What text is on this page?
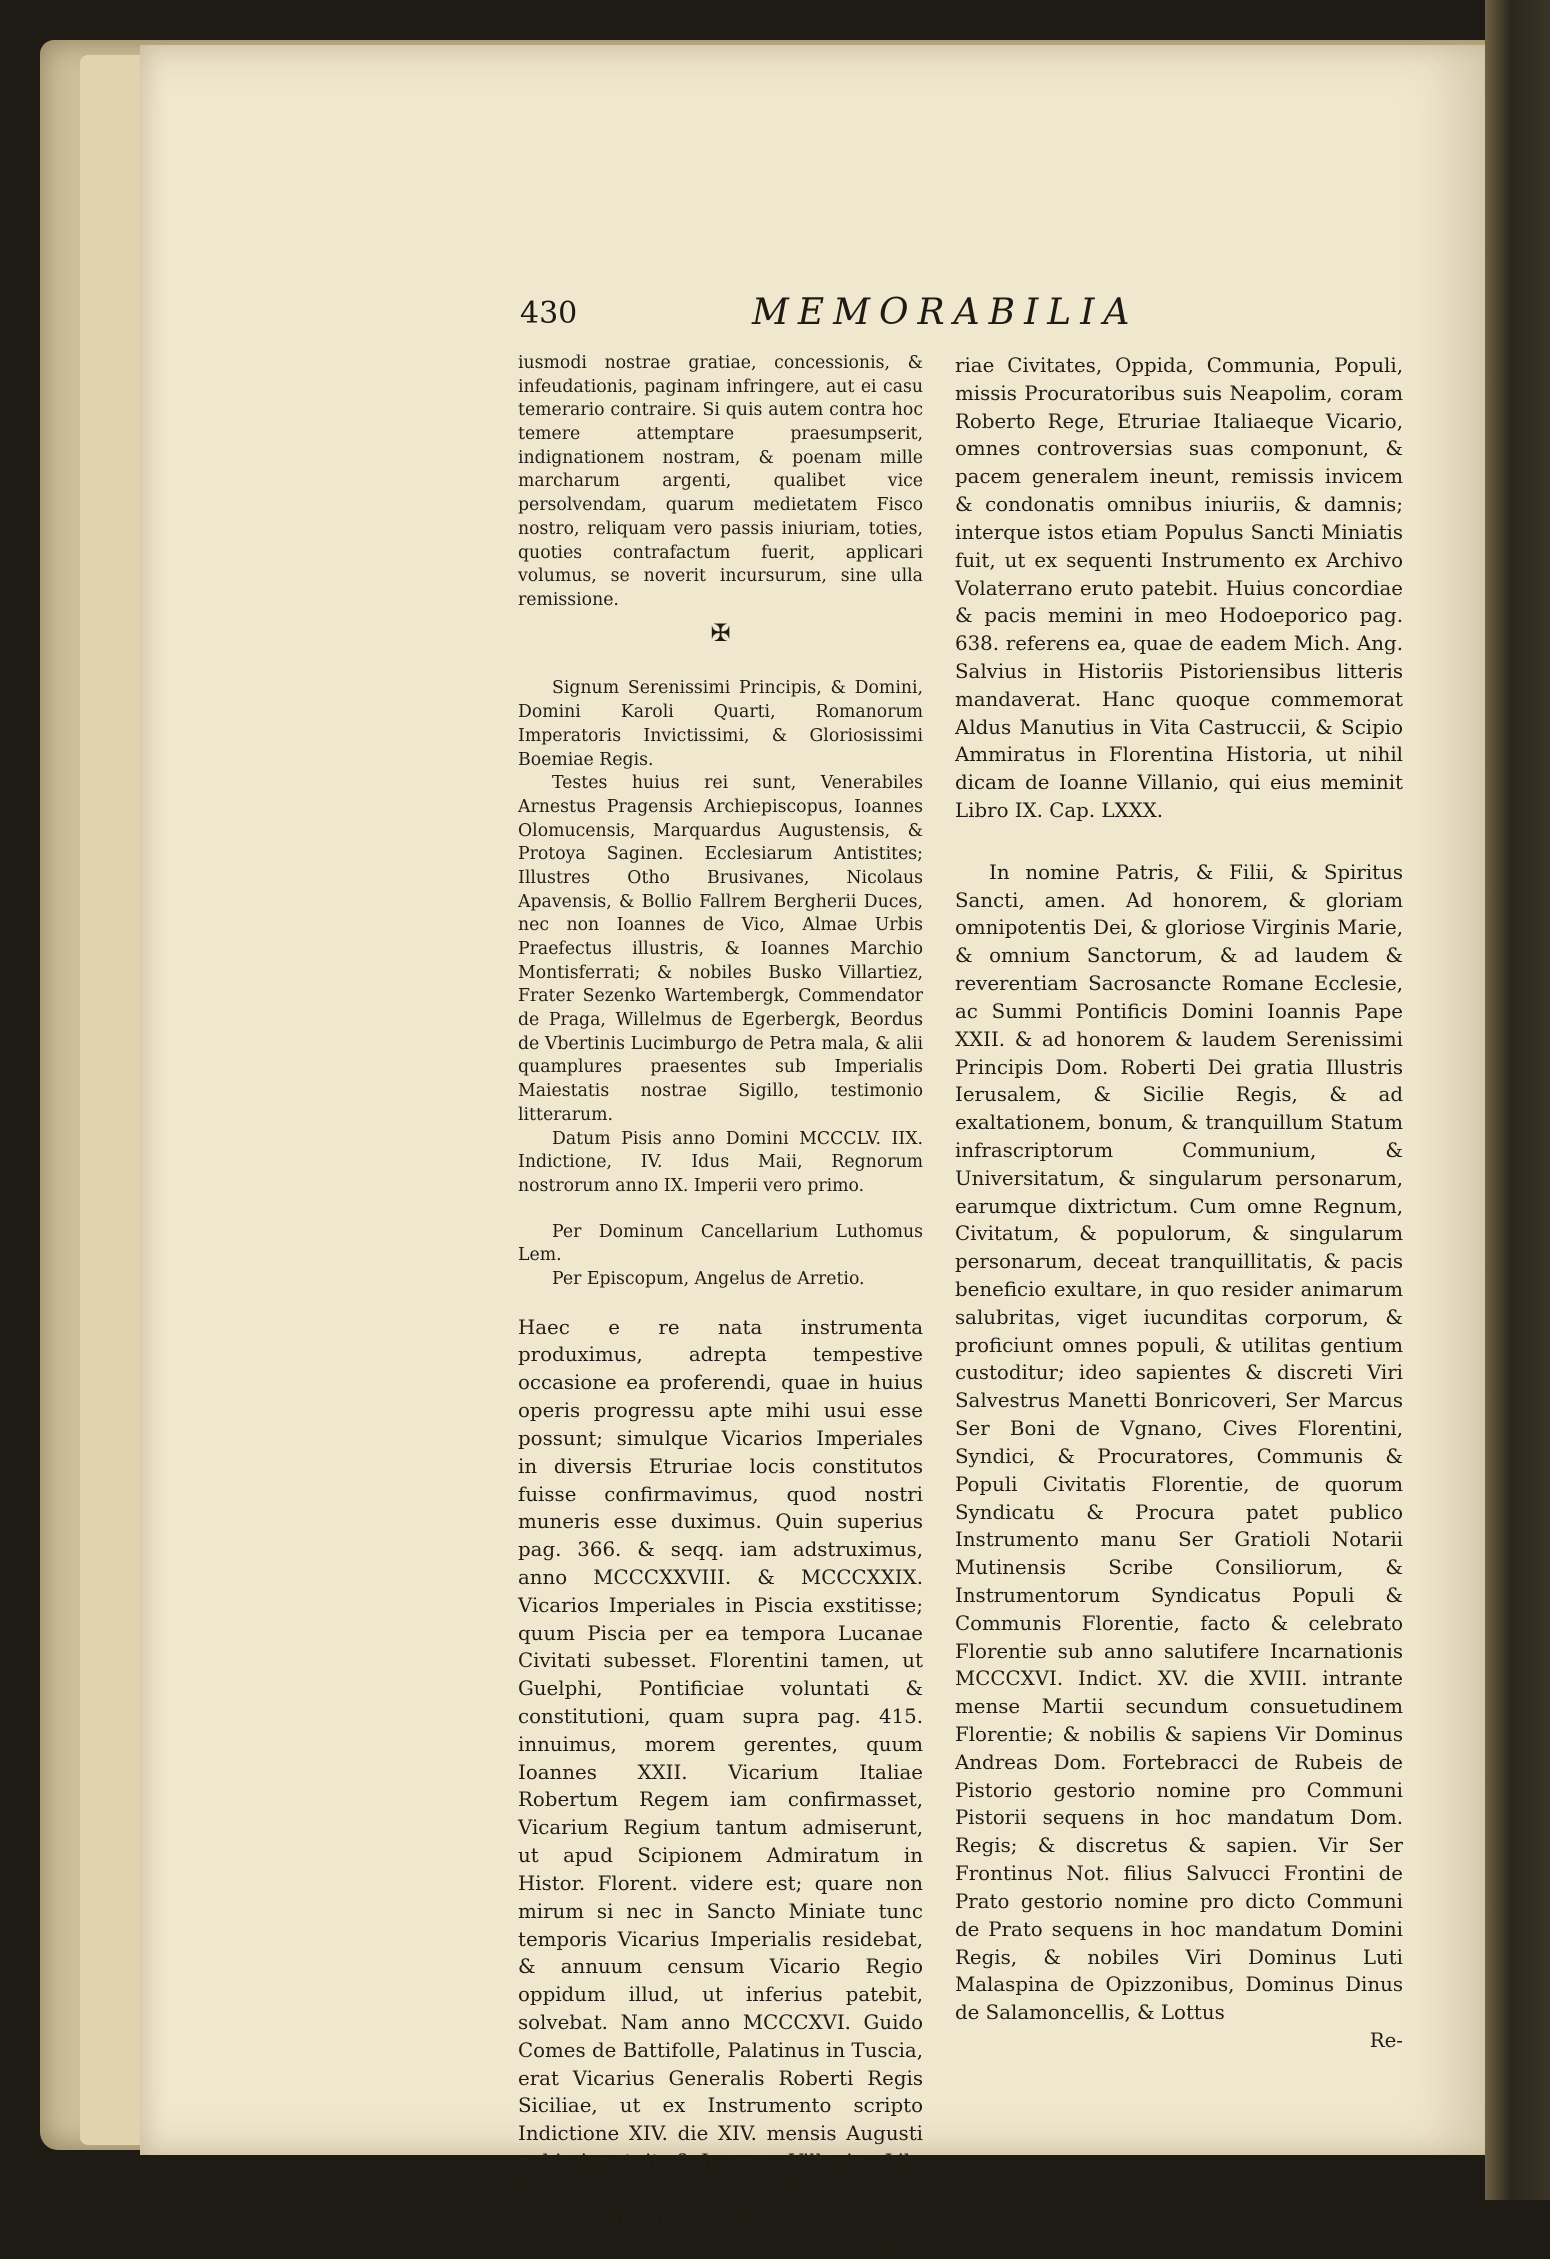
430	MEMORABILIA

iusmodi nostrae gratiae, concessionis, & infeudationis, paginam infringere, aut ei casu temerario contraire. Si quis autem contra hoc temere attemptare praesumpserit, indignationem nostram, & poenam mille marcharum argenti, qualibet vice persolvendam, quarum medietatem Fisco nostro, reliquam vero passis iniuriam, toties, quoties contrafactum fuerit, applicari volumus, se noverit incursurum, sine ulla remissione.

✠

Signum Serenissimi Principis, & Domini, Domini Karoli Quarti, Romanorum Imperatoris Invictissimi, & Gloriosissimi Boemiae Regis.

Testes huius rei sunt, Venerabiles Arnestus Pragensis Archiepiscopus, Ioannes Olomucensis, Marquardus Augustensis, & Protoya Saginen. Ecclesiarum Antistites; Illustres Otho Brusivanes, Nicolaus Apavensis, & Bollio Fallrem Bergherii Duces, nec non Ioannes de Vico, Almae Urbis Praefectus illustris, & Ioannes Marchio Montisferrati; & nobiles Busko Villartiez, Frater Sezenko Wartembergk, Commendator de Praga, Willelmus de Egerbergk, Beordus de Vbertinis Lucimburgo de Petra mala, & alii quamplures praesentes sub Imperialis Maiestatis nostrae Sigillo, testimonio litterarum.

Datum Pisis anno Domini MCCCLV. IIX. Indictione, IV. Idus Maii, Regnorum nostrorum anno IX. Imperii vero primo.

Per Dominum Cancellarium Luthomus Lem.

Per Episcopum, Angelus de Arretio.

Haec e re nata instrumenta produximus, adrepta tempestive occasione ea proferendi, quae in huius operis progressu apte mihi usui esse possunt; simulque Vicarios Imperiales in diversis Etruriae locis constitutos fuisse confirmavimus, quod nostri muneris esse duximus. Quin superius pag. 366. & seqq. iam adstruximus, anno MCCCXXVIII. & MCCCXXIX. Vicarios Imperiales in Piscia exstitisse; quum Piscia per ea tempora Lucanae Civitati subesset. Florentini tamen, ut Guelphi, Pontificiae voluntati & constitutioni, quam supra pag. 415. innuimus, morem gerentes, quum Ioannes XXII. Vicarium Italiae Robertum Regem iam confirmasset, Vicarium Regium tantum admiserunt, ut apud Scipionem Admiratum in Histor. Florent. videre est; quare non mirum si nec in Sancto Miniate tunc temporis Vicarius Imperialis residebat, & annuum censum Vicario Regio oppidum illud, ut inferius patebit, solvebat. Nam anno MCCCXVI. Guido Comes de Battifolle, Palatinus in Tuscia, erat Vicarius Generalis Roberti Regis Siciliae, ut ex Instrumento scripto Indictione XIV. die XIV. mensis Augusti nobis innotuit, & Ioannes Villanius Lib. IX. Cap. LXXVII. testatur. Anno MCCCXVII. diversae Etru-

riae

riae Civitates, Oppida, Communia, Populi, missis Procuratoribus suis Neapolim, coram Roberto Rege, Etruriae Italiaeque Vicario, omnes controversias suas componunt, & pacem generalem ineunt, remissis invicem & condonatis omnibus iniuriis, & damnis; interque istos etiam Populus Sancti Miniatis fuit, ut ex sequenti Instrumento ex Archivo Volaterrano eruto patebit. Huius concordiae & pacis memini in meo Hodoeporico pag. 638. referens ea, quae de eadem Mich. Ang. Salvius in Historiis Pistoriensibus litteris mandaverat. Hanc quoque commemorat Aldus Manutius in Vita Castruccii, & Scipio Ammiratus in Florentina Historia, ut nihil dicam de Ioanne Villanio, qui eius meminit Libro IX. Cap. LXXX.

In nomine Patris, & Filii, & Spiritus Sancti, amen. Ad honorem, & gloriam omnipotentis Dei, & gloriose Virginis Marie, & omnium Sanctorum, & ad laudem & reverentiam Sacrosancte Romane Ecclesie, ac Summi Pontificis Domini Ioannis Pape XXII. & ad honorem & laudem Serenissimi Principis Dom. Roberti Dei gratia Illustris Ierusalem, & Sicilie Regis, & ad exaltationem, bonum, & tranquillum Statum infrascriptorum Communium, & Universitatum, & singularum personarum, earumque dixtrictum. Cum omne Regnum, Civitatum, & populorum, & singularum personarum, deceat tranquillitatis, & pacis beneficio exultare, in quo resider animarum salubritas, viget iucunditas corporum, & proficiunt omnes populi, & utilitas gentium custoditur; ideo sapientes & discreti Viri Salvestrus Manetti Bonricoveri, Ser Marcus Ser Boni de Vgnano, Cives Florentini, Syndici, & Procuratores, Communis & Populi Civitatis Florentie, de quorum Syndicatu & Procura patet publico Instrumento manu Ser Gratioli Notarii Mutinensis Scribe Consiliorum, & Instrumentorum Syndicatus Populi & Communis Florentie, facto & celebrato Florentie sub anno salutifere Incarnationis MCCCXVI. Indict. XV. die XVIII. intrante mense Martii secundum consuetudinem Florentie; & nobilis & sapiens Vir Dominus Andreas Dom. Fortebracci de Rubeis de Pistorio gestorio nomine pro Communi Pistorii sequens in hoc mandatum Dom. Regis; & discretus & sapien. Vir Ser Frontinus Not. filius Salvucci Frontini de Prato gestorio nomine pro dicto Communi de Prato sequens in hoc mandatum Domini Regis, & nobiles Viri Dominus Luti Malaspina de Opizzonibus, Dominus Dinus de Salamoncellis, & Lottus

Re-
